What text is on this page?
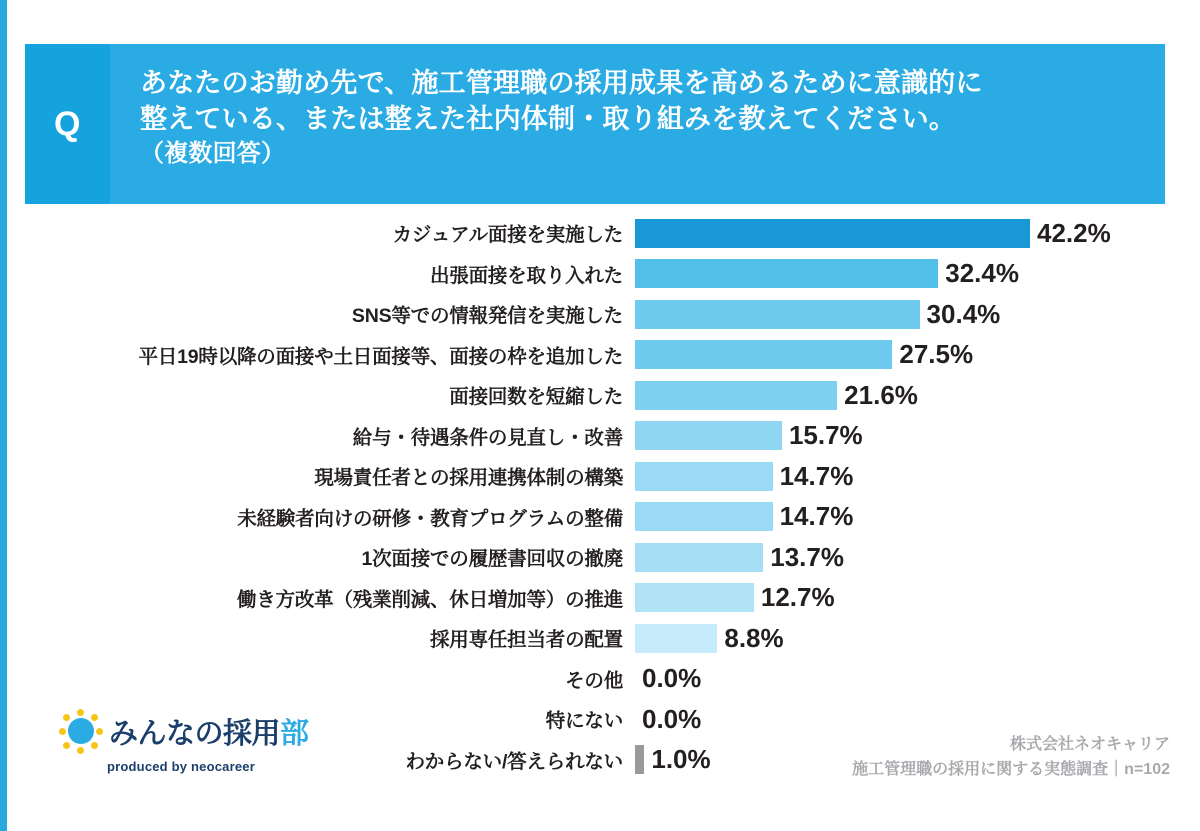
Q
あなたのお勤め先で、施工管理職の採用成果を高めるために意識的に
整えている、または整えた社内体制・取り組みを教えてください。
（複数回答）
カジュアル面接を実施した	42.2%
出張面接を取り入れた	32.4%
SNS等での情報発信を実施した	30.4%
平日19時以降の面接や土日面接等、面接の枠を追加した	27.5%
面接回数を短縮した	21.6%
給与・待遇条件の見直し・改善	15.7%
現場責任者との採用連携体制の構築	14.7%
未経験者向けの研修・教育プログラムの整備	14.7%
1次面接での履歴書回収の撤廃	13.7%
働き方改革（残業削減、休日増加等）の推進	12.7%
採用専任担当者の配置	8.8%
その他 0.0%
特にない 0.0%
わからない/答えられない	1.0%
みんなの採用 部
produced by neocareer
株式会社ネオキャリア
施工管理職の採用に関する実態調査｜n=102
